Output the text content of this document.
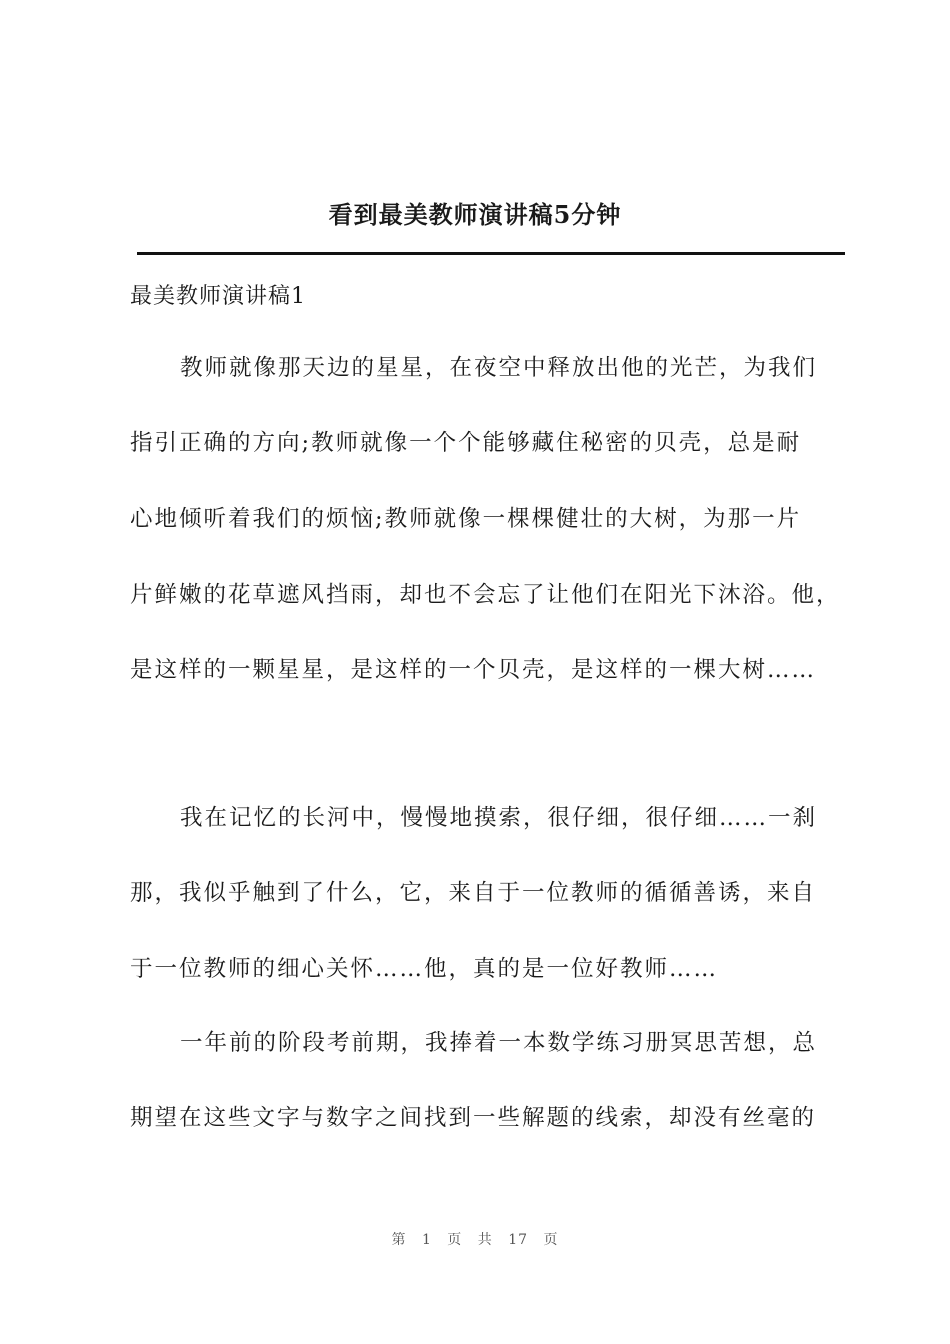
看到最美教师演讲稿5分钟

最美教师演讲稿1

教师就像那天边的星星，在夜空中释放出他的光芒，为我们

指引正确的方向;教师就像一个个能够藏住秘密的贝壳，总是耐

心地倾听着我们的烦恼;教师就像一棵棵健壮的大树，为那一片

片鲜嫩的花草遮风挡雨，却也不会忘了让他们在阳光下沐浴。他，

是这样的一颗星星，是这样的一个贝壳，是这样的一棵大树……

我在记忆的长河中，慢慢地摸索，很仔细，很仔细……一刹

那，我似乎触到了什么，它，来自于一位教师的循循善诱，来自

于一位教师的细心关怀……他，真的是一位好教师……

一年前的阶段考前期，我捧着一本数学练习册冥思苦想，总

期望在这些文字与数字之间找到一些解题的线索，却没有丝毫的

第 1 页 共 17 页
